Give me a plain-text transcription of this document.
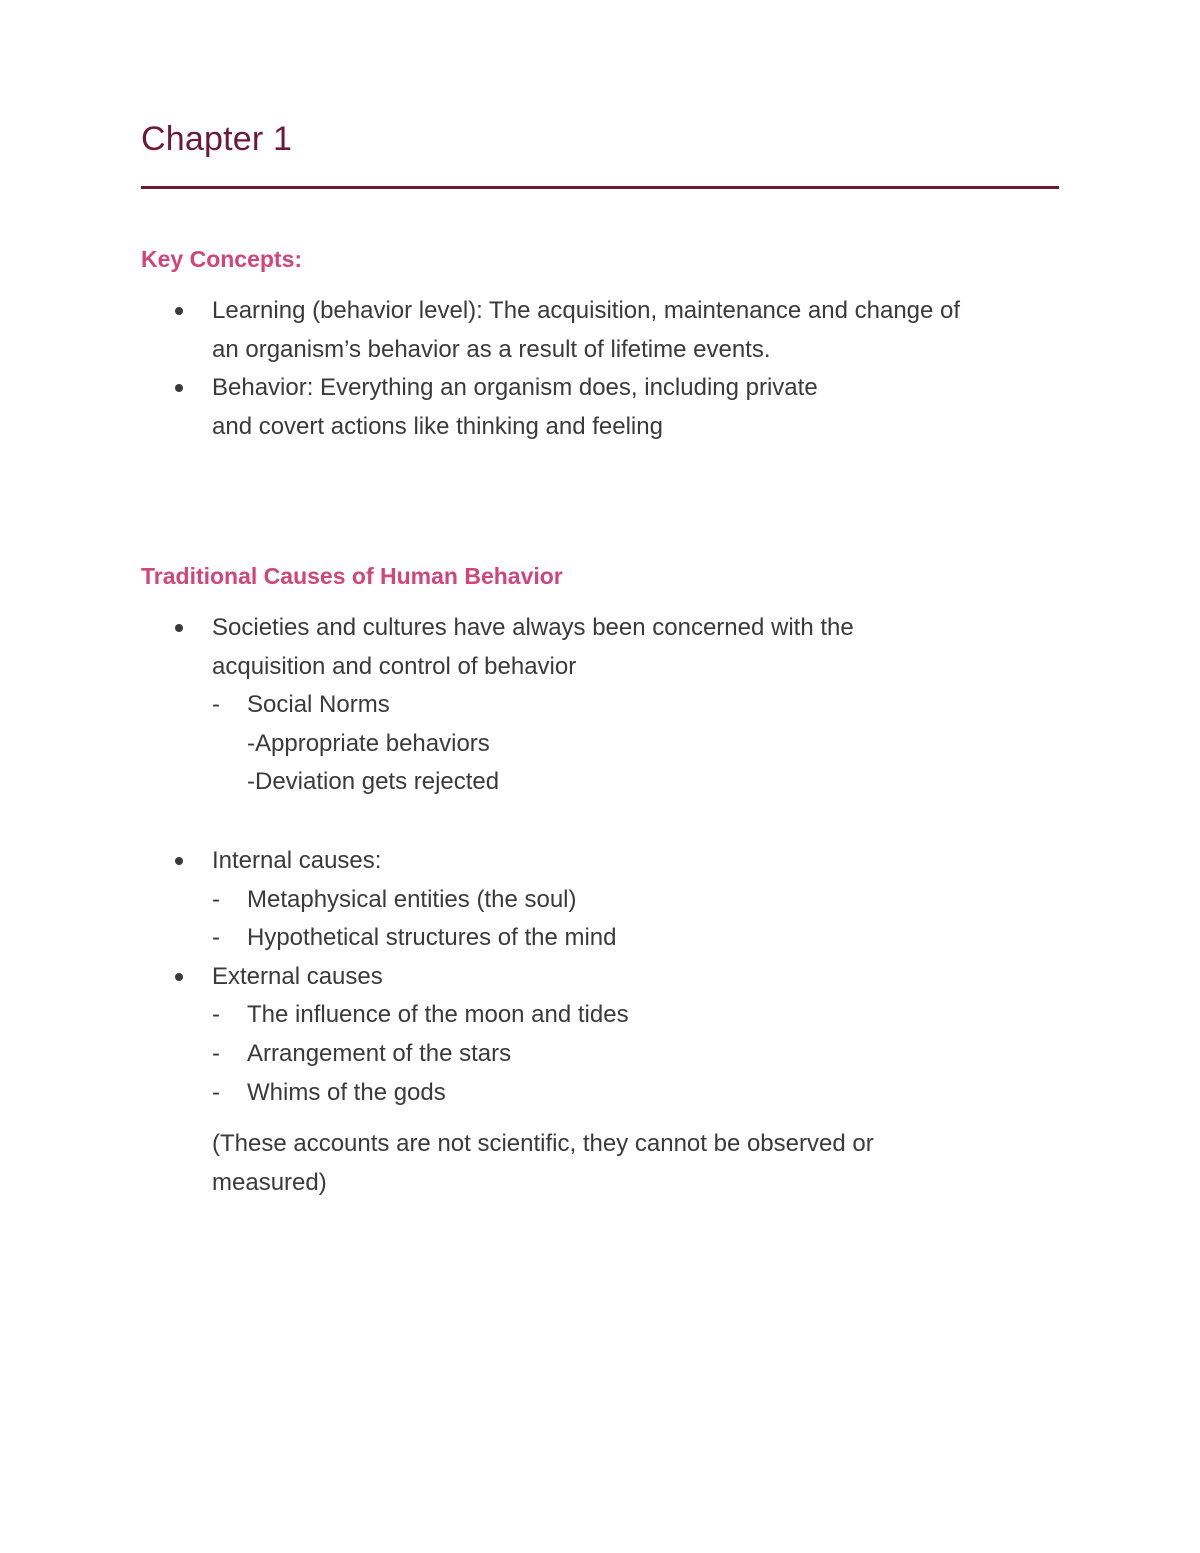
Chapter 1
Key Concepts:
Learning (behavior level): The acquisition, maintenance and change of
an organism’s behavior as a result of lifetime events.
Behavior: Everything an organism does, including private
and covert actions like thinking and feeling
Traditional Causes of Human Behavior
Societies and cultures have always been concerned with the
acquisition and control of behavior
- Social Norms
-Appropriate behaviors
-Deviation gets rejected
Internal causes:
- Metaphysical entities (the soul)
- Hypothetical structures of the mind
External causes
- The influence of the moon and tides
- Arrangement of the stars
- Whims of the gods
(These accounts are not scientific, they cannot be observed or
measured)
